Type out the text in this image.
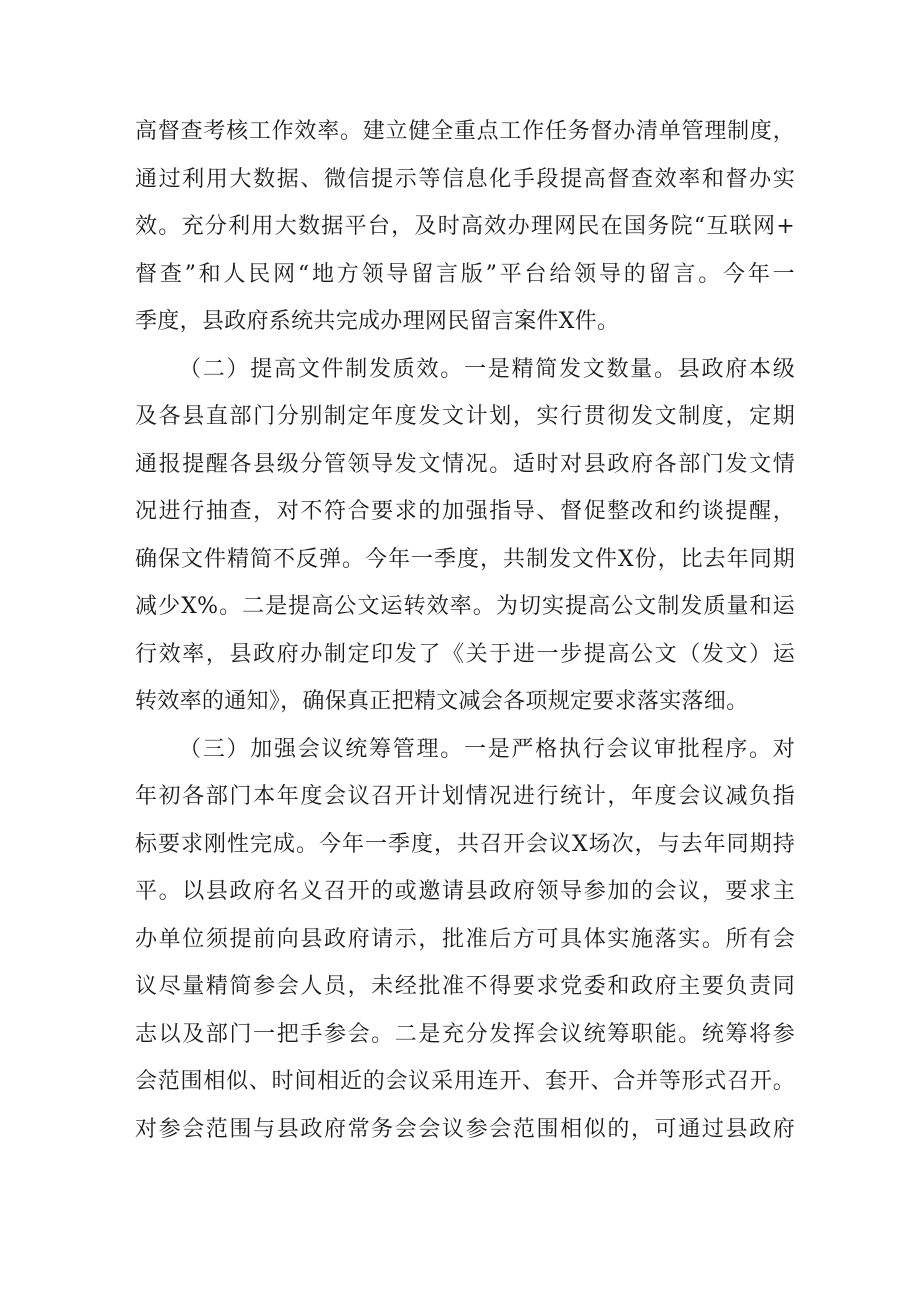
高督查考核工作效率。建立健全重点工作任务督办清单管理制度，
通过利用大数据、微信提示等信息化手段提高督查效率和督办实
效。充分利用大数据平台，及时高效办理网民在国务院“互联网+
督查”和人民网“地方领导留言版”平台给领导的留言。今年一
季度，县政府系统共完成办理网民留言案件X件。
（二）提高文件制发质效。一是精简发文数量。县政府本级
及各县直部门分别制定年度发文计划，实行贯彻发文制度，定期
通报提醒各县级分管领导发文情况。适时对县政府各部门发文情
况进行抽查，对不符合要求的加强指导、督促整改和约谈提醒，
确保文件精简不反弹。今年一季度，共制发文件X份，比去年同期
减少X%。二是提高公文运转效率。为切实提高公文制发质量和运
行效率，县政府办制定印发了《关于进一步提高公文（发文）运
转效率的通知》，确保真正把精文减会各项规定要求落实落细。
（三）加强会议统筹管理。一是严格执行会议审批程序。对
年初各部门本年度会议召开计划情况进行统计，年度会议减负指
标要求刚性完成。今年一季度，共召开会议X场次，与去年同期持
平。以县政府名义召开的或邀请县政府领导参加的会议，要求主
办单位须提前向县政府请示，批准后方可具体实施落实。所有会
议尽量精简参会人员，未经批准不得要求党委和政府主要负责同
志以及部门一把手参会。二是充分发挥会议统筹职能。统筹将参
会范围相似、时间相近的会议采用连开、套开、合并等形式召开。
对参会范围与县政府常务会会议参会范围相似的，可通过县政府
